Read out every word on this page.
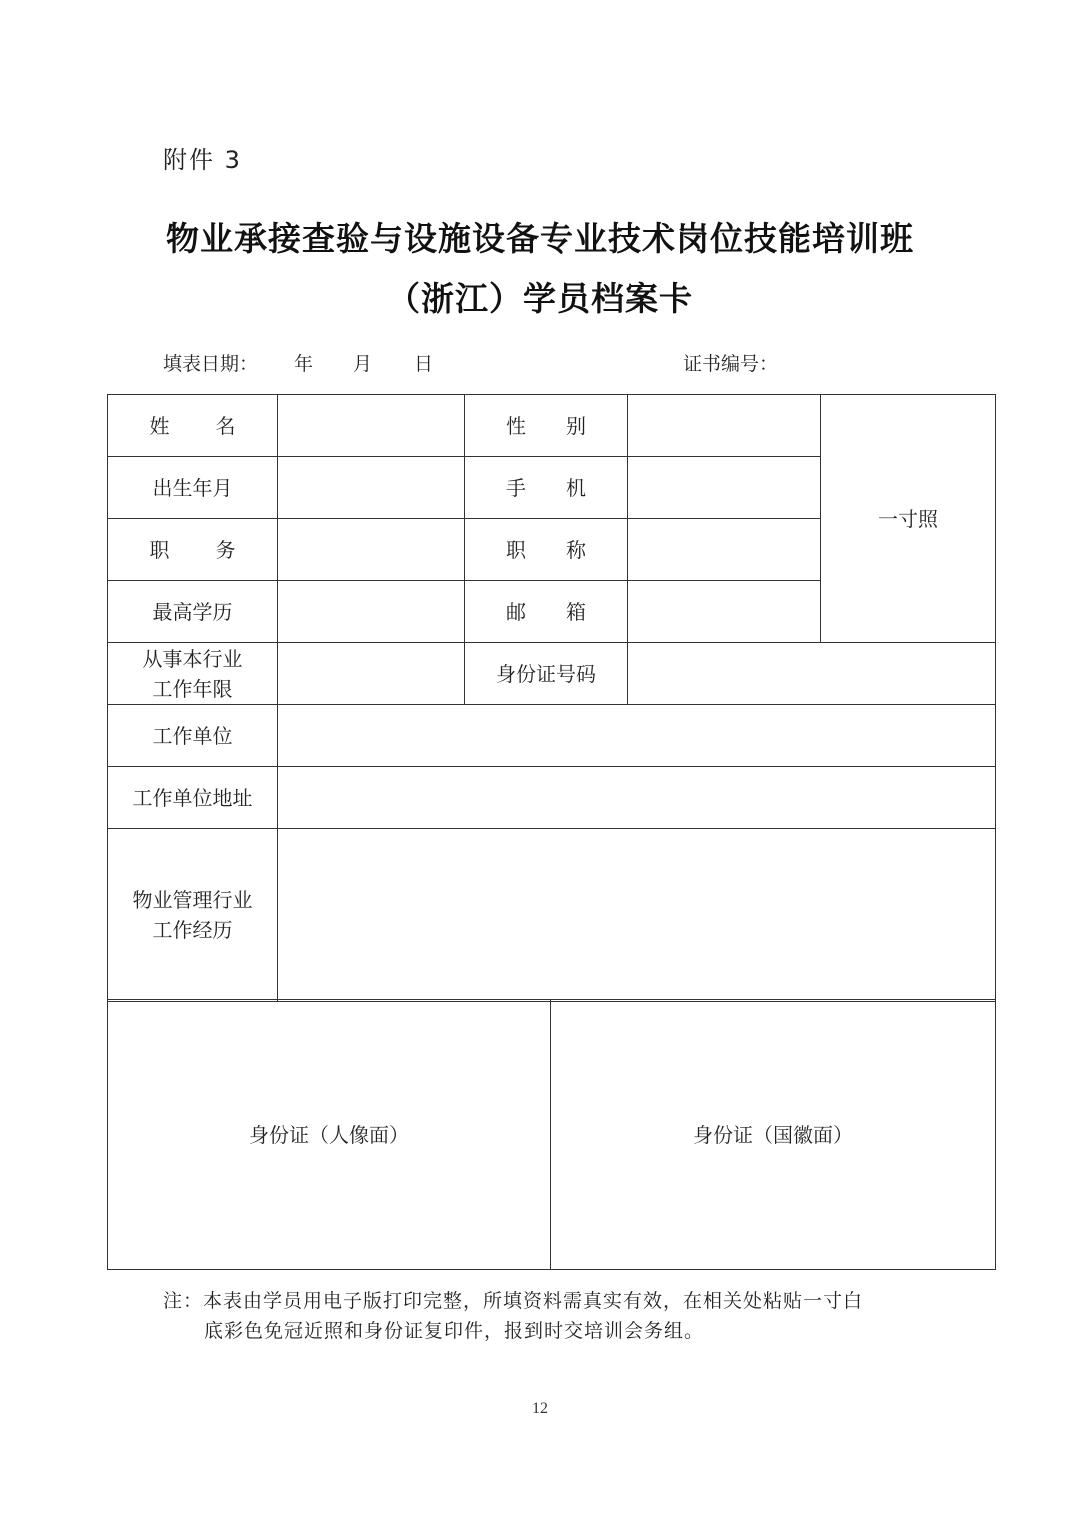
附件 3
物业承接查验与设施设备专业技术岗位技能培训班
（浙江）学员档案卡
填表日期： 年 月 日	证书编号：
姓名		性别		一寸照
出生年月		手机		
职务		职称		
最高学历		邮箱		

从事本行业
工作年限		身份证号码		
工作单位				
工作单位地址				

物业管理行业
工作经历				

身份证（人像面）	身份证（国徽面）
注：本表由学员用电子版打印完整，所填资料需真实有效，在相关处粘贴一寸白
底彩色免冠近照和身份证复印件，报到时交培训会务组。
12
